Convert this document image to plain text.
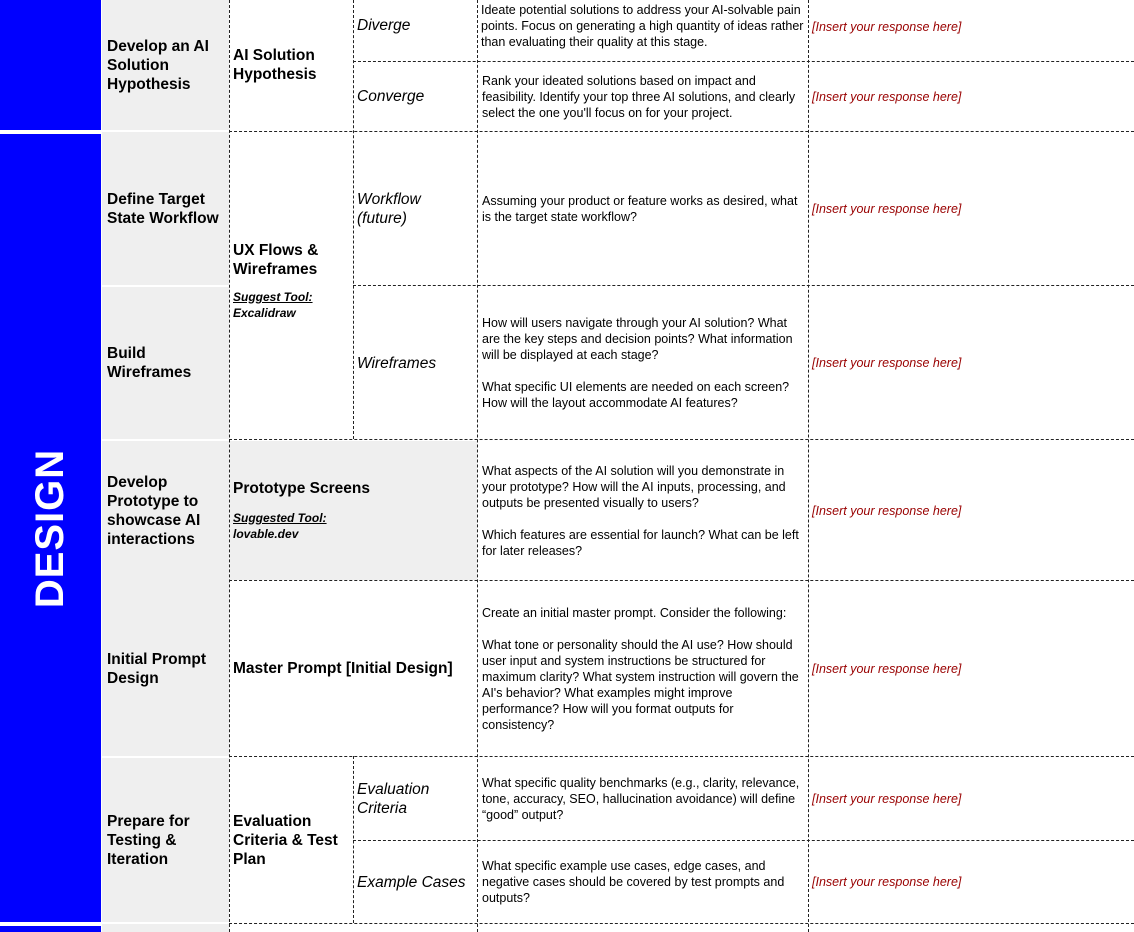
DESIGN
Develop an AI Solution Hypothesis
AI Solution Hypothesis
Diverge
Ideate potential solutions to address your AI-solvable pain points. Focus on generating a high quantity of ideas rather than evaluating their quality at this stage.
[Insert your response here]
Converge
Rank your ideated solutions based on impact and feasibility. Identify your top three AI solutions, and clearly select the one you'll focus on for your project.
[Insert your response here]
Define Target State Workflow
UX Flows & Wireframes
Suggest Tool:
Excalidraw
Workflow (future)
Assuming your product or feature works as desired, what is the target state workflow?
[Insert your response here]
Build Wireframes
Wireframes

How will users navigate through your AI solution? What are the key steps and decision points? What information will be displayed at each stage?

What specific UI elements are needed on each screen? How will the layout accommodate AI features?

[Insert your response here]
Develop Prototype to showcase AI interactions
Prototype Screens
Suggested Tool:
lovable.dev

What aspects of the AI solution will you demonstrate in your prototype? How will the AI inputs, processing, and outputs be presented visually to users?

Which features are essential for launch? What can be left for later releases?

[Insert your response here]
Initial Prompt Design
Master Prompt [Initial Design]

Create an initial master prompt. Consider the following:

What tone or personality should the AI use? How should user input and system instructions be structured for maximum clarity? What system instruction will govern the AI's behavior? What examples might improve performance? How will you format outputs for consistency?

[Insert your response here]
Prepare for Testing & Iteration
Evaluation Criteria & Test Plan
Evaluation Criteria
What specific quality benchmarks (e.g., clarity, relevance, tone, accuracy, SEO, hallucination avoidance) will define “good” output?
[Insert your response here]
Example Cases
What specific example use cases, edge cases, and negative cases should be covered by test prompts and outputs?
[Insert your response here]
